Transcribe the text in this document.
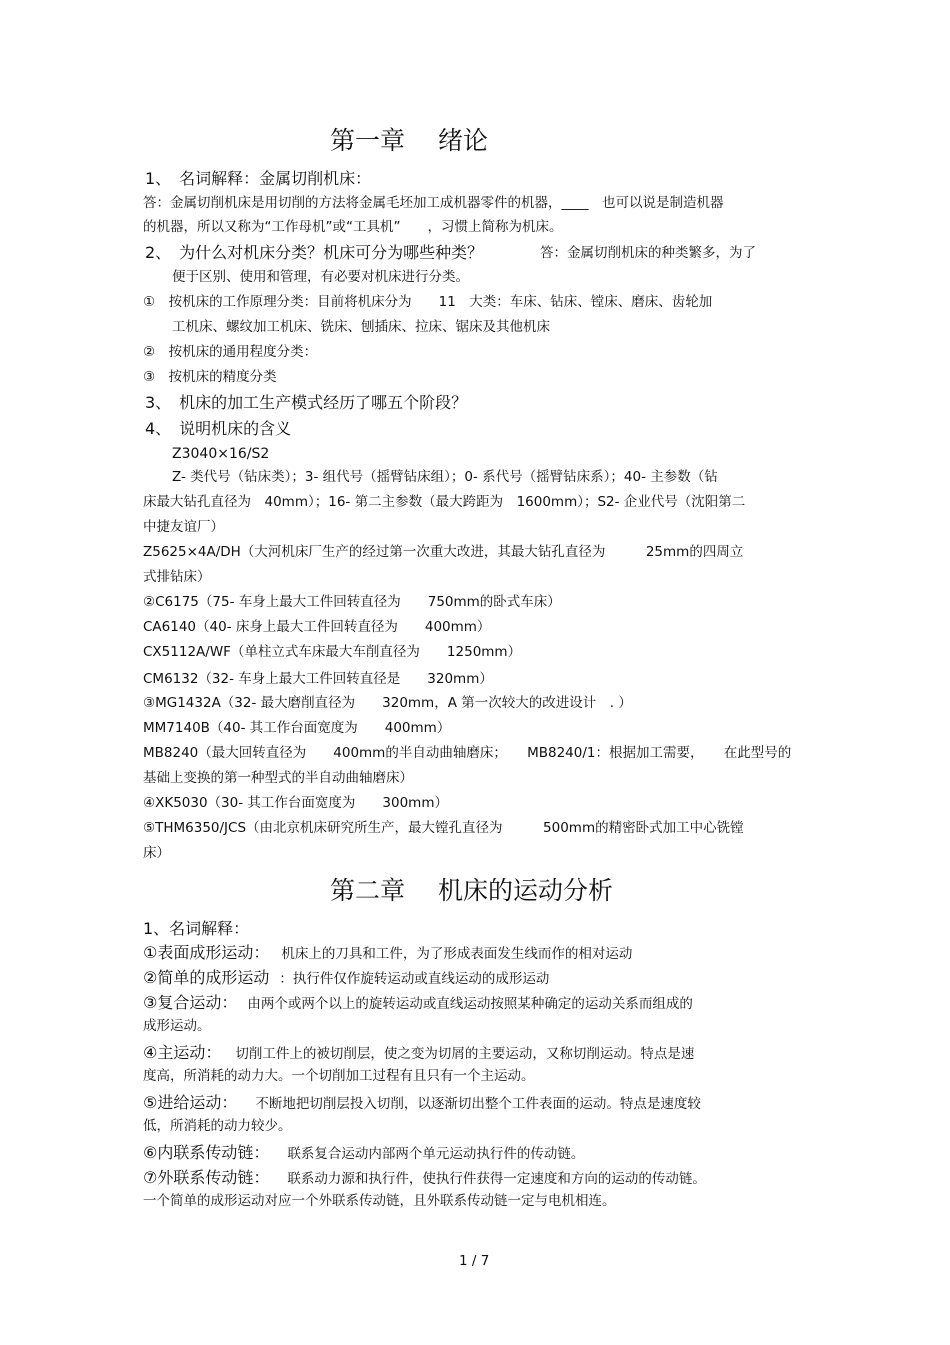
第一章　 绪论
1、　名词解释：金属切削机床：
答：金属切削机床是用切削的方法将金属毛坯加工成机器零件的机器，____　也可以说是制造机器
的机器，所以又称为“工作母机”或“工具机”　　，习惯上简称为机床。
2、　为什么对机床分类？机床可分为哪些种类？	答：金属切削机床的种类繁多，为了
便于区别、使用和管理，有必要对机床进行分类。
①　按机床的工作原理分类：目前将机床分为　　11　大类：车床、钻床、镗床、磨床、齿轮加
工机床、螺纹加工机床、铣床、刨插床、拉床、锯床及其他机床
②　按机床的通用程度分类：
③　按机床的精度分类
3、　机床的加工生产模式经历了哪五个阶段？
4、　说明机床的含义
Z3040×16/S2
Z- 类代号（钻床类）；3- 组代号（摇臂钻床组）；0- 系代号（摇臂钻床系）；40- 主参数（钻
床最大钻孔直径为　40mm）；16- 第二主参数（最大跨距为　1600mm）；S2- 企业代号（沈阳第二
中捷友谊厂）
Z5625×4A/DH（大河机床厂生产的经过第一次重大改进，其最大钻孔直径为　　　25mm的四周立
式排钻床）
②C6175（75- 车身上最大工件回转直径为　　750mm的卧式车床）
CA6140（40- 床身上最大工件回转直径为　　400mm）
CX5112A/WF（单柱立式车床最大车削直径为　　1250mm）
CM6132（32- 车身上最大工件回转直径是　　320mm）
③MG1432A（32- 最大磨削直径为　　320mm，A 第一次较大的改进设计　. ）
MM7140B（40- 其工作台面宽度为　　400mm）
MB8240（最大回转直径为　　400mm的半自动曲轴磨床；　　MB8240/1：根据加工需要，　　在此型号的
基础上变换的第一种型式的半自动曲轴磨床）
④XK5030（30- 其工作台面宽度为　　300mm）
⑤THM6350/JCS（由北京机床研究所生产，最大镗孔直径为　　　500mm的精密卧式加工中心铣镗
床）
第二章　 机床的运动分析
1、名词解释：
①表面成形运动： 机床上的刀具和工件，为了形成表面发生线而作的相对运动
②简单的成形运动 ：执行件仅作旋转运动或直线运动的成形运动
③复合运动： 由两个或两个以上的旋转运动或直线运动按照某种确定的运动关系而组成的
成形运动。
④主运动： 切削工件上的被切削层，使之变为切屑的主要运动，又称切削运动。特点是速
度高，所消耗的动力大。一个切削加工过程有且只有一个主运动。
⑤进给运动： 不断地把切削层投入切削，以逐渐切出整个工件表面的运动。特点是速度较
低，所消耗的动力较少。
⑥内联系传动链： 联系复合运动内部两个单元运动执行件的传动链。
⑦外联系传动链： 联系动力源和执行件，使执行件获得一定速度和方向的运动的传动链。
一个简单的成形运动对应一个外联系传动链，且外联系传动链一定与电机相连。
1 / 7
